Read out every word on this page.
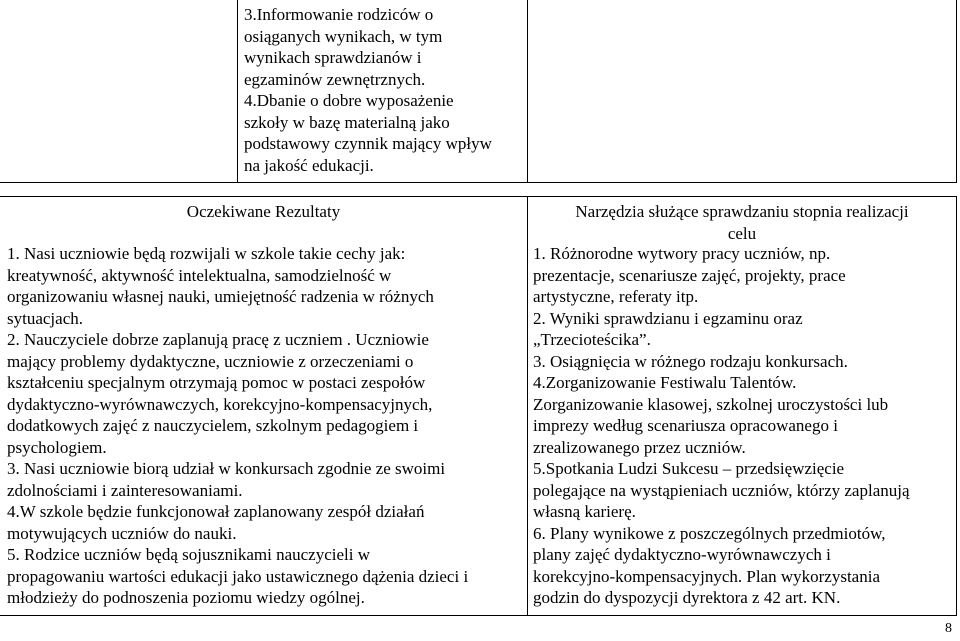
3.Informowanie rodziców o
osiąganych wynikach, w tym
wynikach sprawdzianów i
egzaminów zewnętrznych.
4.Dbanie o dobre wyposażenie
szkoły w bazę materialną jako
podstawowy czynnik mający wpływ
na jakość edukacji.
Oczekiwane Rezultaty	Narzędzia służące sprawdzaniu stopnia realizacji
celu
1. Nasi uczniowie będą rozwijali w szkole takie cechy jak:
kreatywność, aktywność intelektualna, samodzielność w
organizowaniu własnej nauki, umiejętność radzenia w różnych
sytuacjach.
2. Nauczyciele dobrze zaplanują pracę z uczniem . Uczniowie
mający problemy dydaktyczne, uczniowie z orzeczeniami o
kształceniu specjalnym otrzymają pomoc w postaci zespołów
dydaktyczno-wyrównawczych, korekcyjno-kompensacyjnych,
dodatkowych zajęć z nauczycielem, szkolnym pedagogiem i
psychologiem.
3. Nasi uczniowie biorą udział w konkursach zgodnie ze swoimi
zdolnościami i zainteresowaniami.
4.W szkole będzie funkcjonował zaplanowany zespół działań
motywujących uczniów do nauki.
5. Rodzice uczniów będą sojusznikami nauczycieli w
propagowaniu wartości edukacji jako ustawicznego dążenia dzieci i
młodzieży do podnoszenia poziomu wiedzy ogólnej.
1. Różnorodne wytwory pracy uczniów, np.
prezentacje, scenariusze zajęć, projekty, prace
artystyczne, referaty itp.
2. Wyniki sprawdzianu i egzaminu oraz
„Trzecioteścika”.
3. Osiągnięcia w różnego rodzaju konkursach.
4.Zorganizowanie Festiwalu Talentów.
Zorganizowanie klasowej, szkolnej uroczystości lub
imprezy według scenariusza opracowanego i
zrealizowanego przez uczniów.
5.Spotkania Ludzi Sukcesu – przedsięwzięcie
polegające na wystąpieniach uczniów, którzy zaplanują
własną karierę.
6. Plany wynikowe z poszczególnych przedmiotów,
plany zajęć dydaktyczno-wyrównawczych i
korekcyjno-kompensacyjnych. Plan wykorzystania
godzin do dyspozycji dyrektora z 42 art. KN.
8
